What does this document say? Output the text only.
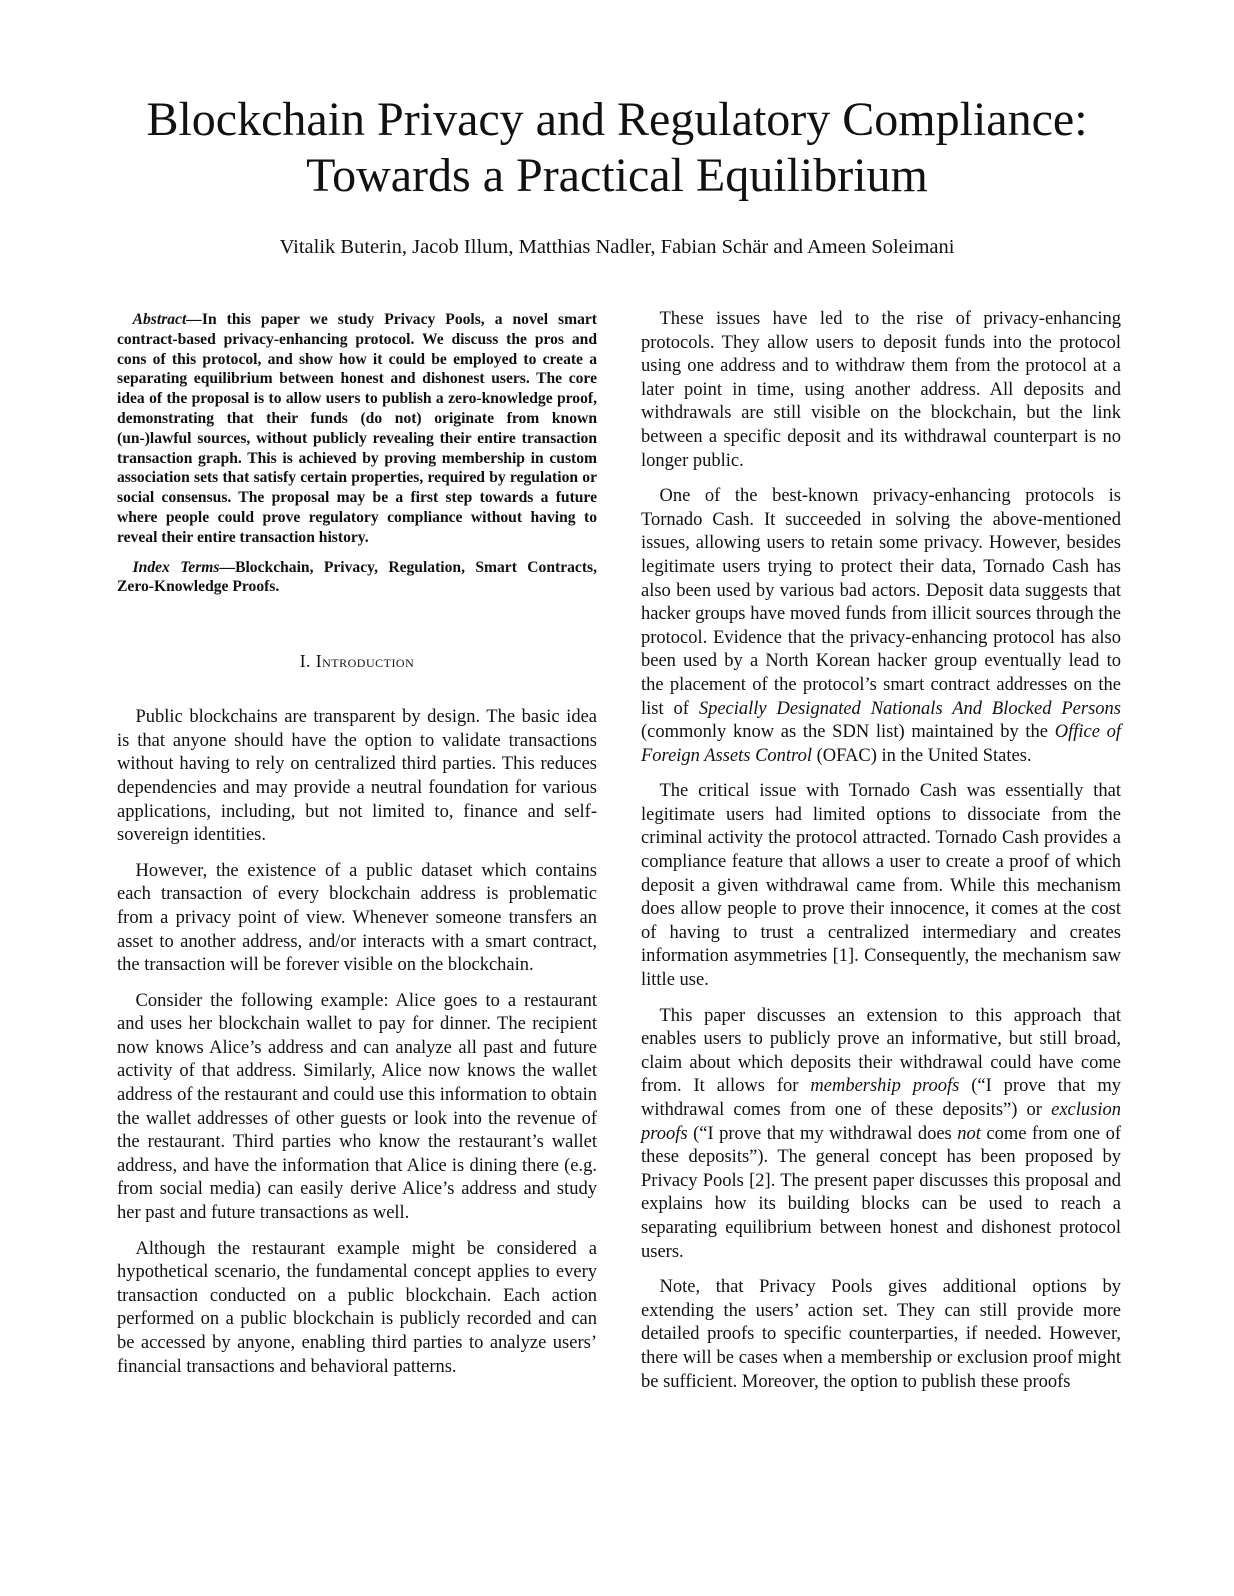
Blockchain Privacy and Regulatory Compliance:
Towards a Practical Equilibrium
Vitalik Buterin, Jacob Illum, Matthias Nadler, Fabian Schär and Ameen Soleimani

Abstract—In this paper we study Privacy Pools, a novel smart contract-based privacy-enhancing protocol. We discuss the pros and cons of this protocol, and show how it could be employed to create a separating equilibrium between honest and dishonest users. The core idea of the proposal is to allow users to publish a zero-knowledge proof, demonstrating that their funds (do not) originate from known (un-)lawful sources, without publicly revealing their entire transaction transaction graph. This is achieved by proving membership in custom association sets that satisfy certain properties, required by regulation or social consensus. The proposal may be a first step towards a future where people could prove regulatory compliance without having to reveal their entire transaction history.

Index Terms—Blockchain, Privacy, Regulation, Smart Contracts, Zero-Knowledge Proofs.

I. Introduction

Public blockchains are transparent by design. The basic idea is that anyone should have the option to validate transactions without having to rely on centralized third parties. This reduces dependencies and may provide a neutral foundation for various applications, including, but not limited to, finance and self-sovereign identities.

However, the existence of a public dataset which contains each transaction of every blockchain address is problematic from a privacy point of view. Whenever someone transfers an asset to another address, and/or interacts with a smart contract, the transaction will be forever visible on the blockchain.

Consider the following example: Alice goes to a restaurant and uses her blockchain wallet to pay for dinner. The recipient now knows Alice’s address and can analyze all past and future activity of that address. Similarly, Alice now knows the wallet address of the restaurant and could use this information to obtain the wallet addresses of other guests or look into the revenue of the restaurant. Third parties who know the restaurant’s wallet address, and have the information that Alice is dining there (e.g. from social media) can easily derive Alice’s address and study her past and future transactions as well.

Although the restaurant example might be considered a hypothetical scenario, the fundamental concept applies to every transaction conducted on a public blockchain. Each action performed on a public blockchain is publicly recorded and can be accessed by anyone, enabling third parties to analyze users’ financial transactions and behavioral patterns.

These issues have led to the rise of privacy-enhancing protocols. They allow users to deposit funds into the protocol using one address and to withdraw them from the protocol at a later point in time, using another address. All deposits and withdrawals are still visible on the blockchain, but the link between a specific deposit and its withdrawal counterpart is no longer public.

One of the best-known privacy-enhancing protocols is Tornado Cash. It succeeded in solving the above-mentioned issues, allowing users to retain some privacy. However, besides legitimate users trying to protect their data, Tornado Cash has also been used by various bad actors. Deposit data suggests that hacker groups have moved funds from illicit sources through the protocol. Evidence that the privacy-enhancing protocol has also been used by a North Korean hacker group eventually lead to the placement of the protocol’s smart contract addresses on the list of Specially Designated Nationals And Blocked Persons (commonly know as the SDN list) maintained by the Office of Foreign Assets Control (OFAC) in the United States.

The critical issue with Tornado Cash was essentially that legitimate users had limited options to dissociate from the criminal activity the protocol attracted. Tornado Cash provides a compliance feature that allows a user to create a proof of which deposit a given withdrawal came from. While this mechanism does allow people to prove their innocence, it comes at the cost of having to trust a centralized intermediary and creates information asymmetries [1]. Consequently, the mechanism saw little use.

This paper discusses an extension to this approach that enables users to publicly prove an informative, but still broad, claim about which deposits their withdrawal could have come from. It allows for membership proofs (“I prove that my withdrawal comes from one of these deposits”) or exclusion proofs (“I prove that my withdrawal does not come from one of these deposits”). The general concept has been proposed by Privacy Pools [2]. The present paper discusses this proposal and explains how its building blocks can be used to reach a separating equilibrium between honest and dishonest protocol users.

Note, that Privacy Pools gives additional options by extending the users’ action set. They can still provide more detailed proofs to specific counterparties, if needed. However, there will be cases when a membership or exclusion proof might be sufficient. Moreover, the option to publish these proofs
